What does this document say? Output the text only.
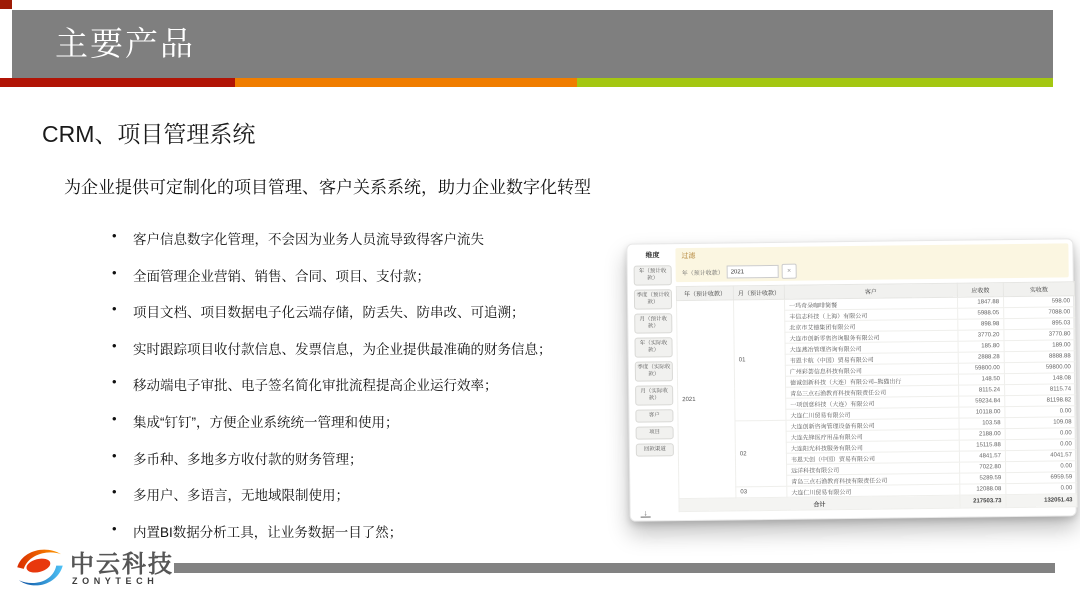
主要产品
CRM、项目管理系统
为企业提供可定制化的项目管理、客户关系系统，助力企业数字化转型
•	客户信息数字化管理，不会因为业务人员流导致得客户流失
•	全面管理企业营销、销售、合同、项目、支付款；
•	项目文档、项目数据电子化云端存储，防丢失、防串改、可追溯；
•	实时跟踪项目收付款信息、发票信息，为企业提供最准确的财务信息；
•	移动端电子审批、电子签名简化审批流程提高企业运行效率；
•	集成“钉钉”，方便企业系统统一管理和使用；
•	多币种、多地多方收付款的财务管理；
•	多用户、多语言，无地域限制使用；
•	内置BI数据分析工具，让业务数据一目了然；
维度
年（预计收款）
季度（预计收款）
月（预计收款）
年（实际收款）
季度（实际收款）
月（实际收款）
客户
项目
回款渠道
过滤
年（预计收款）
2021	×
年（预计收款）	月（预计收款）	客户	应收数	实收数
2021	01	一玛奇朵咖啡简餐	1847.88	598.00
		丰信志科技（上海）有限公司	5988.05	7088.00
		北京市艾德集团有限公司	898.98	895.03
		大连市创新零售咨询服务有限公司	3770.20	3770.80
		大连燕冶管理咨询有限公司	185.80	189.00
		韦恩卡航（中国）贸易有限公司	2888.28	8888.88
		广州彩荟信息科技有限公司	59800.00	59800.00
		德诚创新科技（大连）有限公司–熊猫出行	148.50	148.08
		青岛三点石渔教育科技有限责任公司	8115.24	8115.74
		一项创意科技（大连）有限公司	59234.84	81198.82
		大连仁川贸易有限公司	10118.00	0.00
	02	大连创新咨询管理设备有限公司	103.58	109.08
		大连先锋医疗用品有限公司	2188.00	0.00
		大连阳光科技服务有限公司	15115.88	0.00
		韦恩天创（中国）贸易有限公司	4841.57	4041.57
		远洋科技有限公司	7022.80	0.00
		青岛三点石渔教育科技有限责任公司	5289.59	6959.59
	03	大连仁川贸易有限公司	12088.08	0.00
合计			217503.73	132051.43
↓
中云科技
ZONYTECH
